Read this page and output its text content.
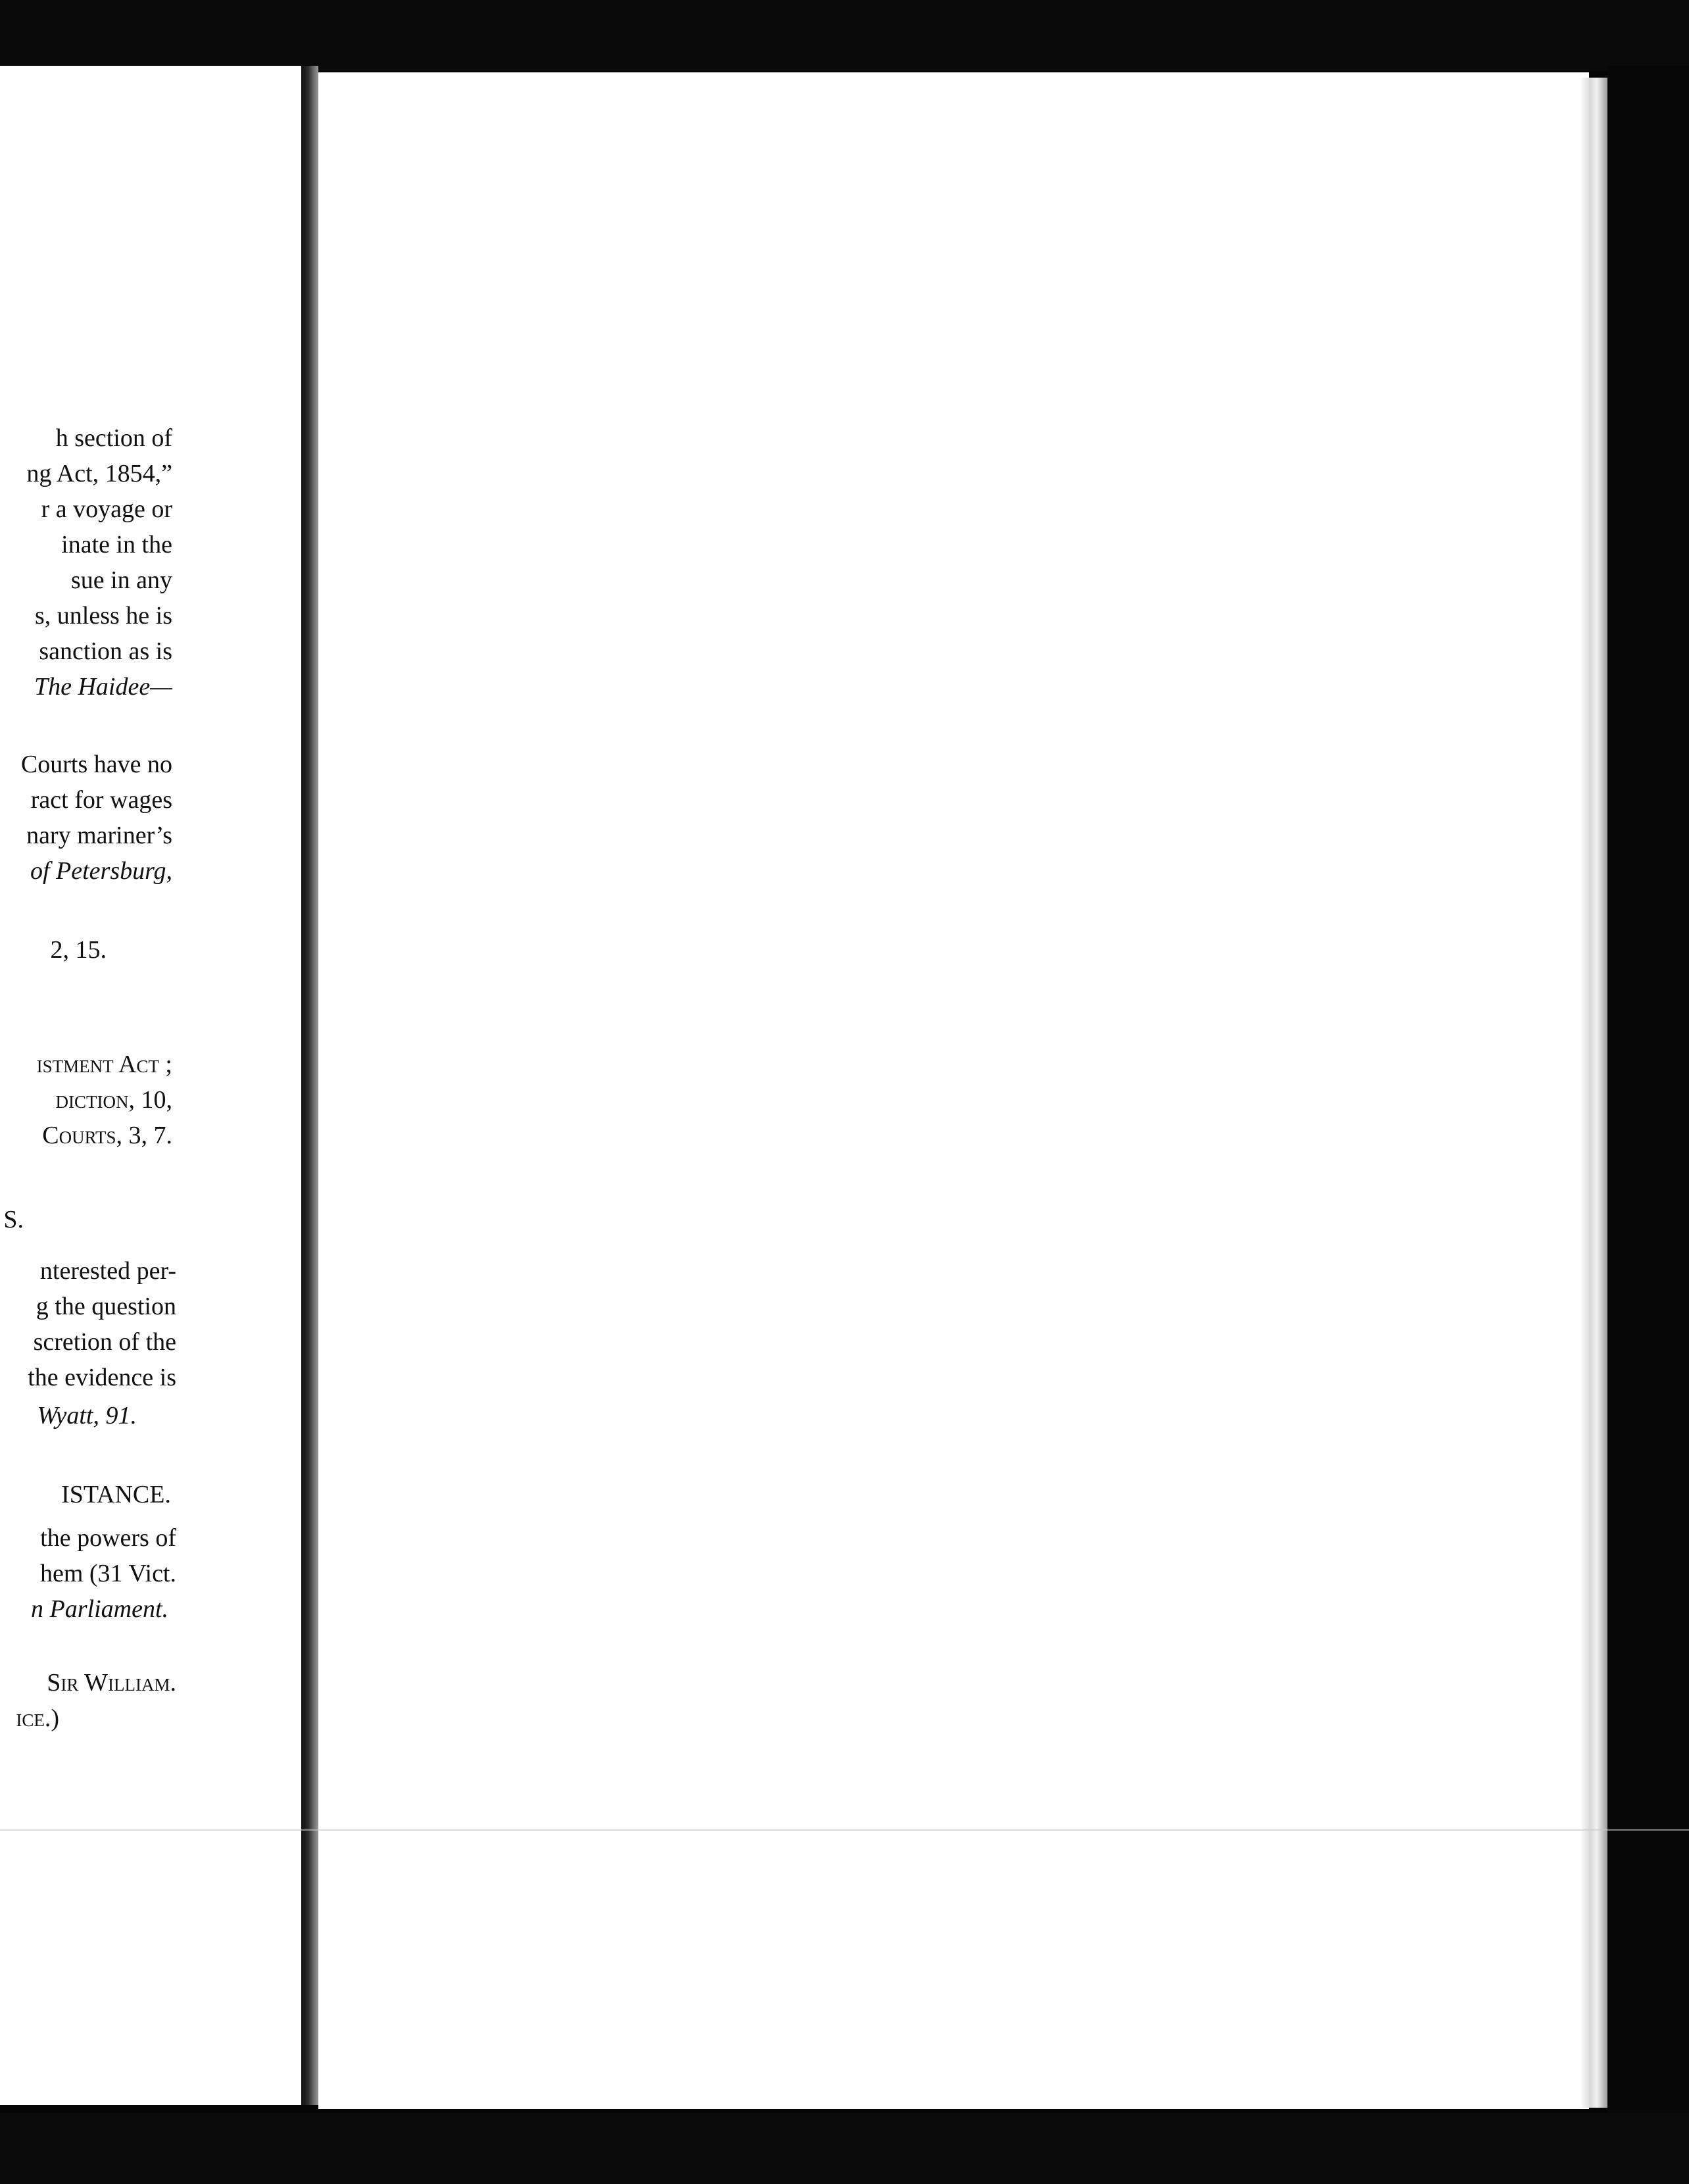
h section of
ng Act, 1854,”
r a voyage or
inate in the
sue in any
s, unless he is
sanction as is
The Haidee—
Courts have no
ract for wages
nary mariner’s
of Petersburg,
2, 15.
istment Act ;
diction, 10,
Courts, 3, 7.
S.
nterested per-
g the question
scretion of the
the evidence is
Wyatt, 91.
ISTANCE.
the powers of
hem (31 Vict.
n Parliament.
Sir William.
ice.)
